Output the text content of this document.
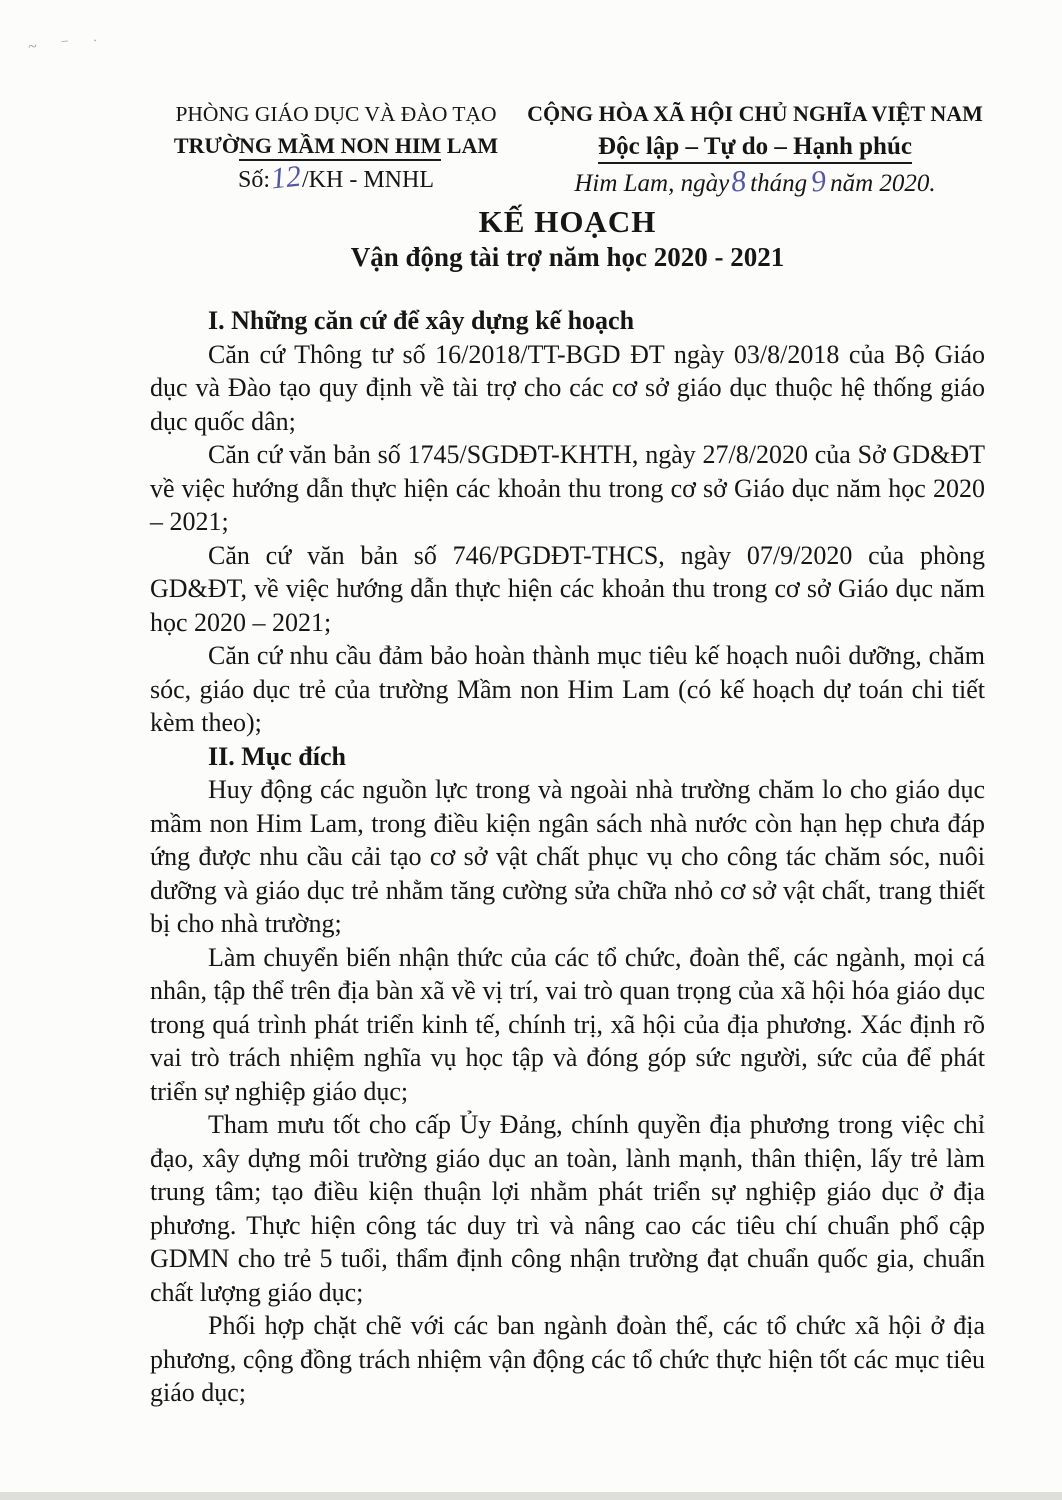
~ ⁻ ˑ
PHÒNG GIÁO DỤC VÀ ĐÀO TẠO
TRƯỜNG MẦM NON HIM LAM
Số:12/KH - MNHL
CỘNG HÒA XÃ HỘI CHỦ NGHĨA VIỆT NAM
Độc lập – Tự do – Hạnh phúc
Him Lam, ngày8tháng9năm 2020.
KẾ HOẠCH
Vận động tài trợ năm học 2020 - 2021
I. Những căn cứ để xây dựng kế hoạch

Căn cứ Thông tư số 16/2018/TT-BGD ĐT ngày 03/8/2018 của Bộ Giáo dục và Đào tạo quy định về tài trợ cho các cơ sở giáo dục thuộc hệ thống giáo dục quốc dân;

Căn cứ văn bản số 1745/SGDĐT-KHTH, ngày 27/8/2020 của Sở GD&ĐT về việc hướng dẫn thực hiện các khoản thu trong cơ sở Giáo dục năm học 2020 – 2021;

Căn cứ văn bản số 746/PGDĐT-THCS, ngày 07/9/2020 của phòng GD&ĐT, về việc hướng dẫn thực hiện các khoản thu trong cơ sở Giáo dục năm học 2020 – 2021;

Căn cứ nhu cầu đảm bảo hoàn thành mục tiêu kế hoạch nuôi dưỡng, chăm sóc, giáo dục trẻ của trường Mầm non Him Lam (có kế hoạch dự toán chi tiết kèm theo);

II. Mục đích

Huy động các nguồn lực trong và ngoài nhà trường chăm lo cho giáo dục mầm non Him Lam, trong điều kiện ngân sách nhà nước còn hạn hẹp chưa đáp ứng được nhu cầu cải tạo cơ sở vật chất phục vụ cho công tác chăm sóc, nuôi dưỡng và giáo dục trẻ nhằm tăng cường sửa chữa nhỏ cơ sở vật chất, trang thiết bị cho nhà trường;

Làm chuyển biến nhận thức của các tổ chức, đoàn thể, các ngành, mọi cá nhân, tập thể trên địa bàn xã về vị trí, vai trò quan trọng của xã hội hóa giáo dục trong quá trình phát triển kinh tế, chính trị, xã hội của địa phương. Xác định rõ vai trò trách nhiệm nghĩa vụ học tập và đóng góp sức người, sức của để phát triển sự nghiệp giáo dục;

Tham mưu tốt cho cấp Ủy Đảng, chính quyền địa phương trong việc chỉ đạo, xây dựng môi trường giáo dục an toàn, lành mạnh, thân thiện, lấy trẻ làm trung tâm; tạo điều kiện thuận lợi nhằm phát triển sự nghiệp giáo dục ở địa phương. Thực hiện công tác duy trì và nâng cao các tiêu chí chuẩn phổ cập GDMN cho trẻ 5 tuổi, thẩm định công nhận trường đạt chuẩn quốc gia, chuẩn chất lượng giáo dục;

Phối hợp chặt chẽ với các ban ngành đoàn thể, các tổ chức xã hội ở địa phương, cộng đồng trách nhiệm vận động các tổ chức thực hiện tốt các mục tiêu giáo dục;
